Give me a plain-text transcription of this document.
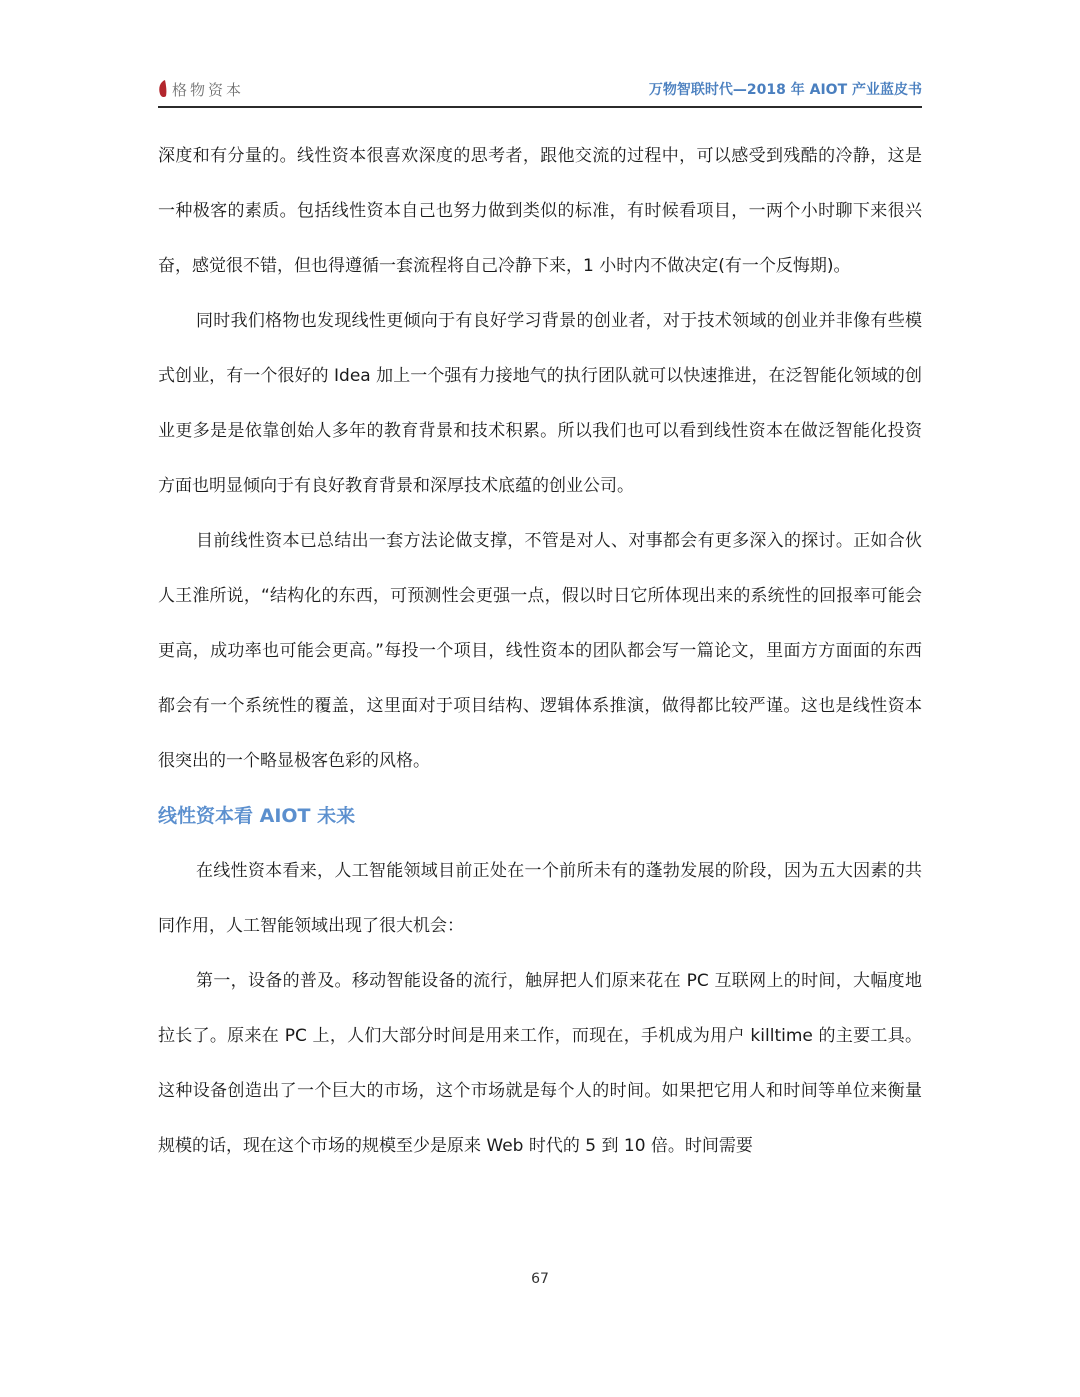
格物资本	万物智联时代—2018 年 AIOT 产业蓝皮书

深度和有分量的。线性资本很喜欢深度的思考者，跟他交流的过程中，可以感受到残酷的冷静，这是一种极客的素质。包括线性资本自己也努力做到类似的标准，有时候看项目，一两个小时聊下来很兴奋，感觉很不错，但也得遵循一套流程将自己冷静下来，1 小时内不做决定(有一个反悔期)。

同时我们格物也发现线性更倾向于有良好学习背景的创业者，对于技术领域的创业并非像有些模式创业，有一个很好的 Idea 加上一个强有力接地气的执行团队就可以快速推进，在泛智能化领域的创业更多是是依靠创始人多年的教育背景和技术积累。所以我们也可以看到线性资本在做泛智能化投资方面也明显倾向于有良好教育背景和深厚技术底蕴的创业公司。

目前线性资本已总结出一套方法论做支撑，不管是对人、对事都会有更多深入的探讨。正如合伙人王淮所说，“结构化的东西，可预测性会更强一点，假以时日它所体现出来的系统性的回报率可能会更高，成功率也可能会更高。”每投一个项目，线性资本的团队都会写一篇论文，里面方方面面的东西都会有一个系统性的覆盖，这里面对于项目结构、逻辑体系推演，做得都比较严谨。这也是线性资本很突出的一个略显极客色彩的风格。

线性资本看 AIOT 未来

在线性资本看来，人工智能领域目前正处在一个前所未有的蓬勃发展的阶段，因为五大因素的共同作用，人工智能领域出现了很大机会：

第一，设备的普及。移动智能设备的流行，触屏把人们原来花在 PC 互联网上的时间，大幅度地拉长了。原来在 PC 上，人们大部分时间是用来工作，而现在，手机成为用户 killtime 的主要工具。这种设备创造出了一个巨大的市场，这个市场就是每个人的时间。如果把它用人和时间等单位来衡量规模的话，现在这个市场的规模至少是原来 Web 时代的 5 到 10 倍。时间需要

67
